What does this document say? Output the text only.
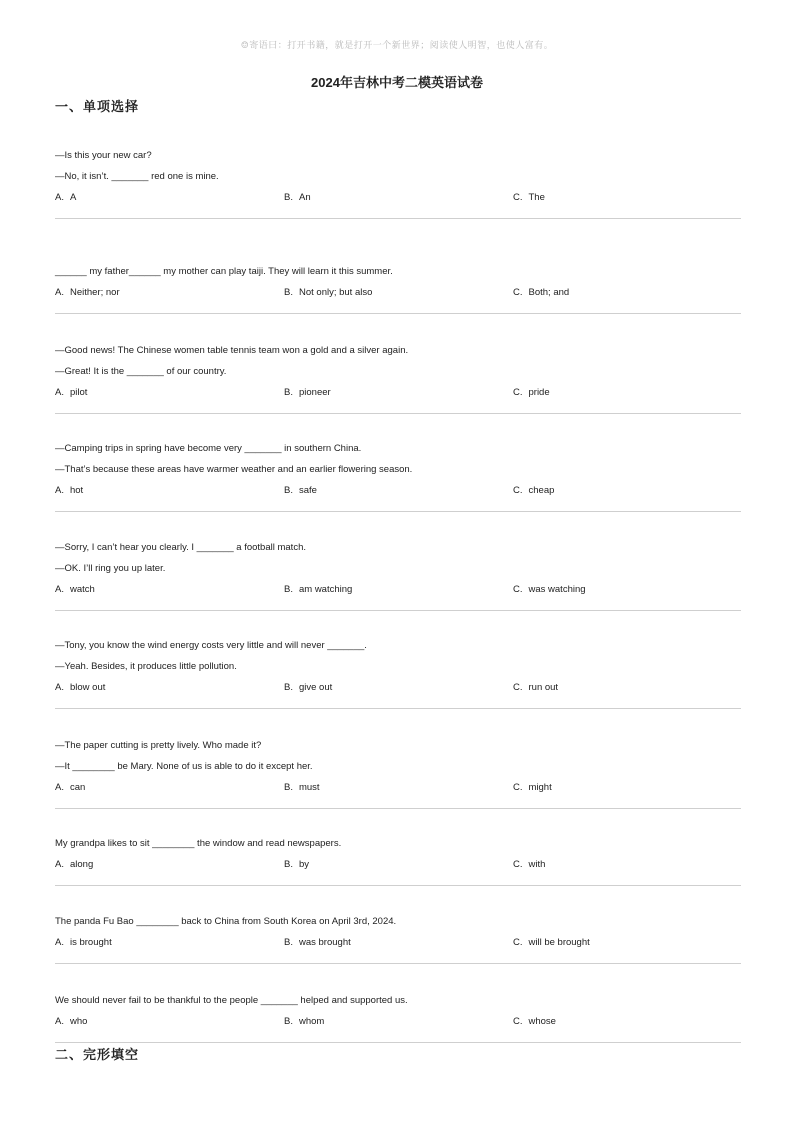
☺寄语曰：打开书籍，就是打开一个新世界；阅读使人明智，也使人富有。
2024年吉林中考二模英语试卷
一、单项选择
—Is this your new car?
—No, it isn’t. _______ red one is mine.
A. A	B. An	C. The
______ my father______ my mother can play taiji. They will learn it this summer.
A. Neither; nor	B. Not only; but also	C. Both; and
—Good news! The Chinese women table tennis team won a gold and a silver again.
—Great! It is the _______ of our country.
A. pilot	B. pioneer	C. pride
—Camping trips in spring have become very _______ in southern China.
—That’s because these areas have warmer weather and an earlier flowering season.
A. hot	B. safe	C. cheap
—Sorry, I can’t hear you clearly. I _______ a football match.
—OK. I’ll ring you up later.
A. watch	B. am watching	C. was watching
—Tony, you know the wind energy costs very little and will never _______.
—Yeah. Besides, it produces little pollution.
A. blow out	B. give out	C. run out
—The paper cutting is pretty lively. Who made it?
—It ________ be Mary. None of us is able to do it except her.
A. can	B. must	C. might
My grandpa likes to sit ________ the window and read newspapers.
A. along	B. by	C. with
The panda Fu Bao ________ back to China from South Korea on April 3rd, 2024.
A. is brought	B. was brought	C. will be brought
We should never fail to be thankful to the people _______ helped and supported us.
A. who	B. whom	C. whose
二、完形填空
